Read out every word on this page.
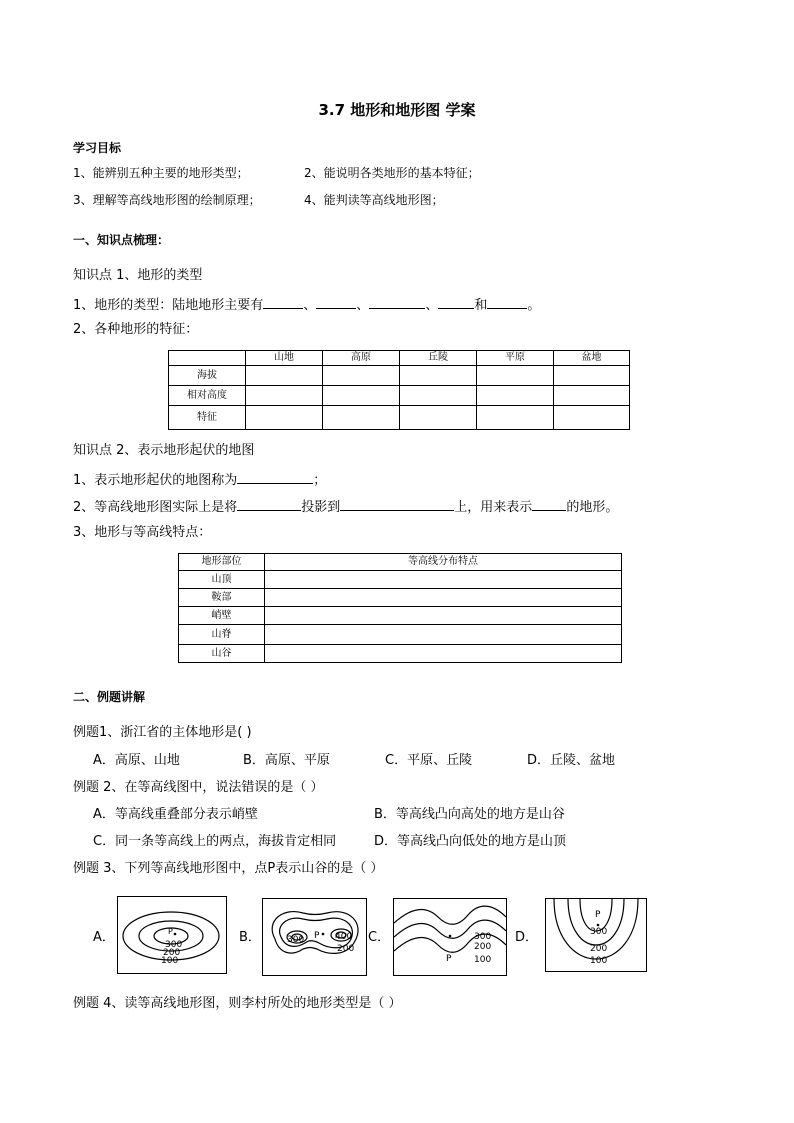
3.7 地形和地形图 学案
学习目标
1、能辨别五种主要的地形类型；	2、能说明各类地形的基本特征；
3、理解等高线地形图的绘制原理；	4、能判读等高线地形图；
一、知识点梳理：
知识点 1、地形的类型
1、地形的类型：陆地地形主要有	、	、	、	和	。
2、各种地形的特征：
	山地	高原	丘陵	平原	盆地
海拔					
相对高度					
特征					
知识点 2、表示地形起伏的地图
1、表示地形起伏的地图称为	；
2、等高线地形图实际上是将	投影到	上，用来表示	的地形。
3、地形与等高线特点：
地形部位	等高线分布特点
山顶	
鞍部	
峭壁	
山脊	
山谷	
二、例题讲解
例题1、浙江省的主体地形是( )
A．高原、山地	B．高原、平原	C．平原、丘陵	D．丘陵、盆地
例题 2、在等高线图中，说法错误的是（ ）
A．等高线重叠部分表示峭壁	B．等高线凸向高处的地方是山谷
C．同一条等高线上的两点，海拔肯定相同	D．等高线凸向低处的地方是山顶
例题 3、下列等高线地形图中，点P表示山谷的是（ ）
A．	P
300
200
100
B．	P
300	400
200
C．
P
300
200
100
D．
P
300
200
100
例题 4、读等高线地形图，则李村所处的地形类型是（ ）
